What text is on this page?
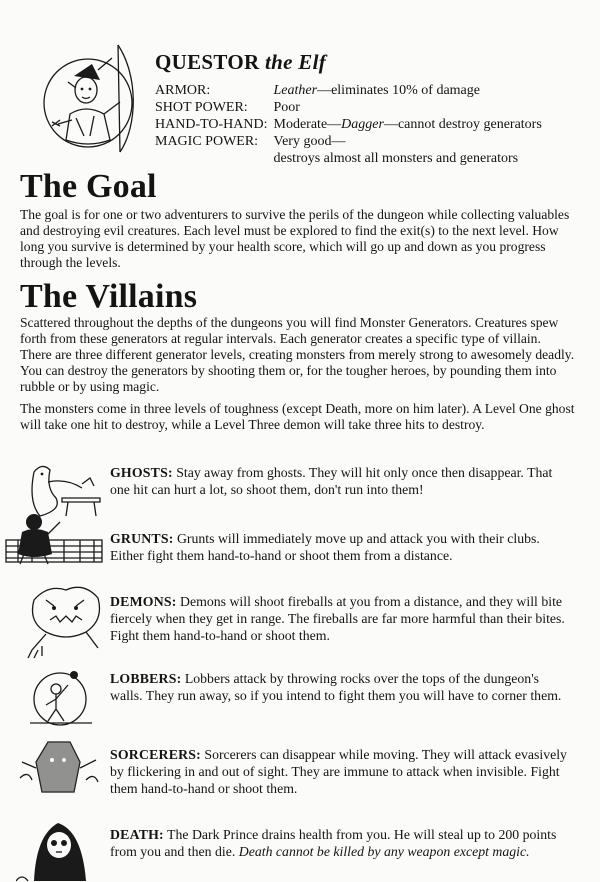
QUESTOR the Elf
ARMOR:	Leather—eliminates 10% of damage
SHOT POWER:	Poor
HAND-TO-HAND:	Moderate—Dagger—cannot destroy generators
MAGIC POWER:	Very good—
	destroys almost all monsters and generators
The Goal

The goal is for one or two adventurers to survive the perils of the dungeon while collecting valuables and destroying evil creatures. Each level must be explored to find the exit(s) to the next level. How long you survive is determined by your health score, which will go up and down as you progress through the levels.

The Villains

Scattered throughout the depths of the dungeons you will find Monster Generators. Creatures spew forth from these generators at regular intervals. Each generator creates a specific type of villain. There are three different generator levels, creating monsters from merely strong to awesomely deadly. You can destroy the generators by shooting them or, for the tougher heroes, by pounding them into rubble or by using magic.

The monsters come in three levels of toughness (except Death, more on him later). A Level One ghost will take one hit to destroy, while a Level Three demon will take three hits to destroy.

GHOSTS: Stay away from ghosts. They will hit only once then disappear. That one hit can hurt a lot, so shoot them, don't run into them!
GRUNTS: Grunts will immediately move up and attack you with their clubs. Either fight them hand-to-hand or shoot them from a distance.
DEMONS: Demons will shoot fireballs at you from a distance, and they will bite fiercely when they get in range. The fireballs are far more harmful than their bites. Fight them hand-to-hand or shoot them.
LOBBERS: Lobbers attack by throwing rocks over the tops of the dungeon's walls. They run away, so if you intend to fight them you will have to corner them.
SORCERERS: Sorcerers can disappear while moving. They will attack evasively by flickering in and out of sight. They are immune to attack when invisible. Fight them hand-to-hand or shoot them.
DEATH: The Dark Prince drains health from you. He will steal up to 200 points from you and then die. Death cannot be killed by any weapon except magic.
